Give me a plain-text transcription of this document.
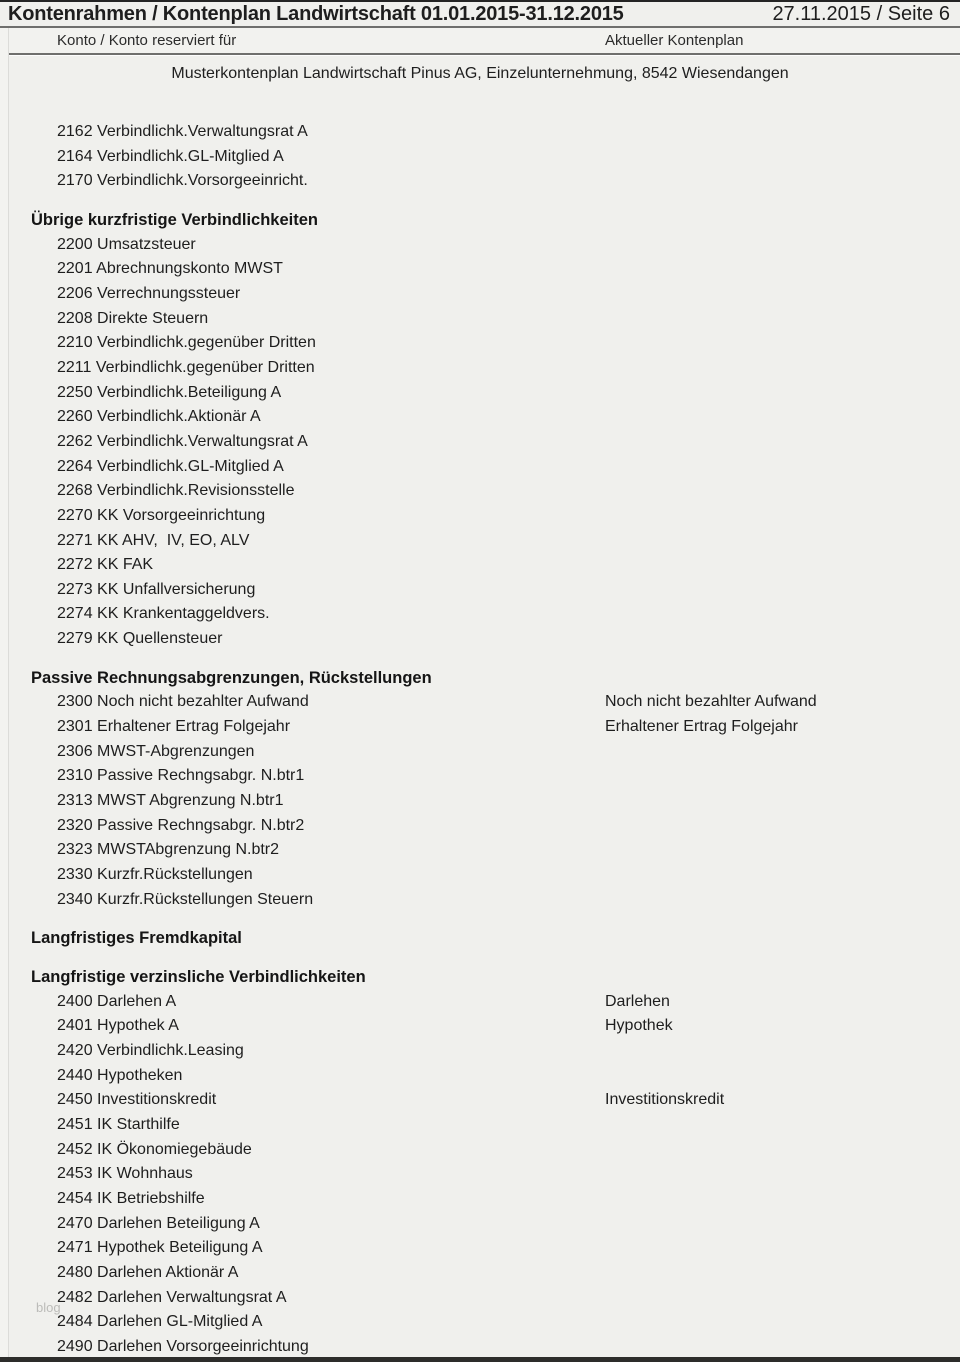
Kontenrahmen / Kontenplan Landwirtschaft 01.01.2015-31.12.2015	27.11.2015 / Seite 6
Konto / Konto reserviert für	Aktueller Kontenplan
Musterkontenplan Landwirtschaft Pinus AG, Einzelunternehmung, 8542 Wiesendangen
2162 Verbindlichk.Verwaltungsrat A
2164 Verbindlichk.GL-Mitglied A
2170 Verbindlichk.Vorsorgeeinricht.
Übrige kurzfristige Verbindlichkeiten
2200 Umsatzsteuer
2201 Abrechnungskonto MWST
2206 Verrechnungssteuer
2208 Direkte Steuern
2210 Verbindlichk.gegenüber Dritten
2211 Verbindlichk.gegenüber Dritten
2250 Verbindlichk.Beteiligung A
2260 Verbindlichk.Aktionär A
2262 Verbindlichk.Verwaltungsrat A
2264 Verbindlichk.GL-Mitglied A
2268 Verbindlichk.Revisionsstelle
2270 KK Vorsorgeeinrichtung
2271 KK AHV,  IV, EO, ALV
2272 KK FAK
2273 KK Unfallversicherung
2274 KK Krankentaggeldvers.
2279 KK Quellensteuer
Passive Rechnungsabgrenzungen, Rückstellungen
2300 Noch nicht bezahlter Aufwand	Noch nicht bezahlter Aufwand
2301 Erhaltener Ertrag Folgejahr	Erhaltener Ertrag Folgejahr
2306 MWST-Abgrenzungen
2310 Passive Rechngsabgr. N.btr1
2313 MWST Abgrenzung N.btr1
2320 Passive Rechngsabgr. N.btr2
2323 MWSTAbgrenzung N.btr2
2330 Kurzfr.Rückstellungen
2340 Kurzfr.Rückstellungen Steuern
Langfristiges Fremdkapital
Langfristige verzinsliche Verbindlichkeiten
2400 Darlehen A	Darlehen
2401 Hypothek A	Hypothek
2420 Verbindlichk.Leasing
2440 Hypotheken
2450 Investitionskredit	Investitionskredit
2451 IK Starthilfe
2452 IK Ökonomiegebäude
2453 IK Wohnhaus
2454 IK Betriebshilfe
2470 Darlehen Beteiligung A
2471 Hypothek Beteiligung A
2480 Darlehen Aktionär A
2482 Darlehen Verwaltungsrat A
2484 Darlehen GL-Mitglied A
2490 Darlehen Vorsorgeeinrichtung
blog
